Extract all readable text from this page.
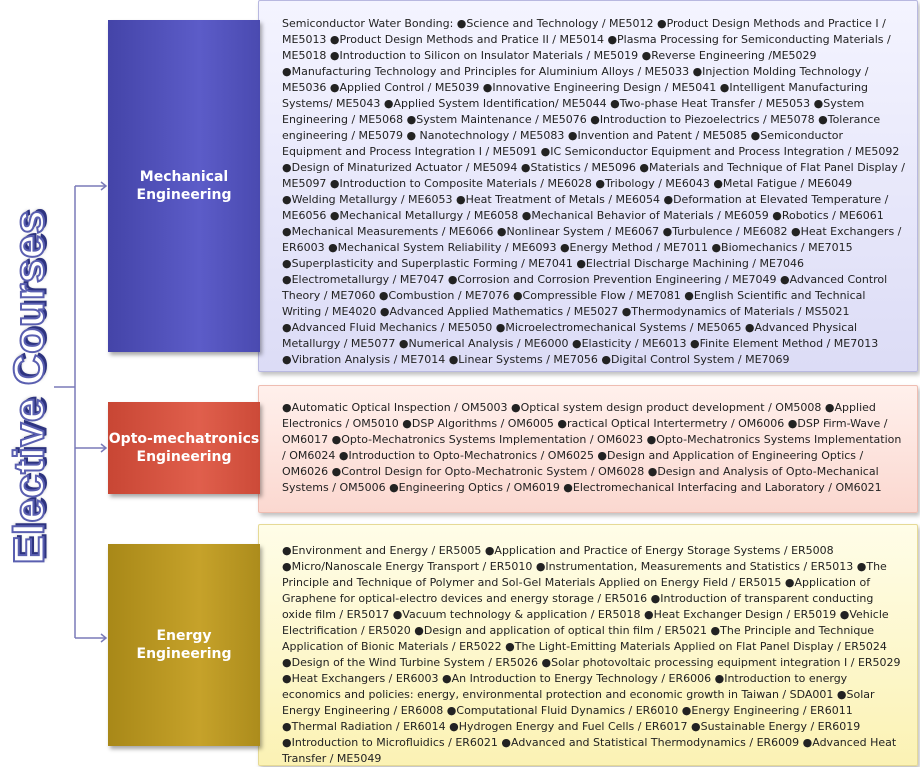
Elective Courses
Semiconductor Water Bonding: ●Science and Technology / ME5012 ●Product Design Methods and Practice I / ME5013 ●Product Design Methods and Pratice II / ME5014 ●Plasma Processing for Semiconducting Materials / ME5018 ●Introduction to Silicon on Insulator Materials / ME5019 ●Reverse Engineering /ME5029 ●Manufacturing Technology and Principles for Aluminium Alloys / ME5033 ●Injection Molding Technology / ME5036 ●Applied Control / ME5039 ●Innovative Engineering Design / ME5041 ●Intelligent Manufacturing Systems/ ME5043 ●Applied System Identification/ ME5044 ●Two-phase Heat Transfer / ME5053 ●System Engineering / ME5068 ●System Maintenance / ME5076 ●Introduction to Piezoelectrics / ME5078 ●Tolerance engineering / ME5079 ● Nanotechnology / ME5083 ●Invention and Patent / ME5085 ●Semiconductor Equipment and Process Integration I / ME5091 ●IC Semiconductor Equipment and Process Integration / ME5092 ●Design of Minaturized Actuator / ME5094 ●Statistics / ME5096 ●Materials and Technique of Flat Panel Display / ME5097 ●Introduction to Composite Materials / ME6028 ●Tribology / ME6043 ●Metal Fatigue / ME6049 ●Welding Metallurgy / ME6053 ●Heat Treatment of Metals / ME6054 ●Deformation at Elevated Temperature / ME6056 ●Mechanical Metallurgy / ME6058 ●Mechanical Behavior of Materials / ME6059 ●Robotics / ME6061 ●Mechanical Measurements / ME6066 ●Nonlinear System / ME6067 ●Turbulence / ME6082 ●Heat Exchangers / ER6003 ●Mechanical System Reliability / ME6093 ●Energy Method / ME7011 ●Biomechanics / ME7015 ●Superplasticity and Superplastic Forming / ME7041 ●Electrial Discharge Machining / ME7046 ●Electrometallurgy / ME7047 ●Corrosion and Corrosion Prevention Engineering / ME7049 ●Advanced Control Theory / ME7060 ●Combustion / ME7076 ●Compressible Flow / ME7081 ●English Scientific and Technical Writing / ME4020 ●Advanced Applied Mathematics / ME5027 ●Thermodynamics of Materials / MS5021 ●Advanced Fluid Mechanics / ME5050 ●Microelectromechanical Systems / ME5065 ●Advanced Physical Metallurgy / ME5077 ●Numerical Analysis / ME6000 ●Elasticity / ME6013 ●Finite Element Method / ME7013 ●Vibration Analysis / ME7014 ●Linear Systems / ME7056 ●Digital Control System / ME7069
Mechanical Engineering
●Automatic Optical Inspection / OM5003 ●Optical system design product development / OM5008 ●Applied Electronics / OM5010 ●DSP Algorithms / OM6005 ●ractical Optical Intertermetry / OM6006 ●DSP Firm-Wave / OM6017 ●Opto-Mechatronics Systems Implementation / OM6023 ●Opto-Mechatronics Systems Implementation / OM6024 ●Introduction to Opto-Mechatronics / OM6025 ●Design and Application of Engineering Optics / OM6026 ●Control Design for Opto-Mechatronic System / OM6028 ●Design and Analysis of Opto-Mechanical Systems / OM5006 ●Engineering Optics / OM6019 ●Electromechanical Interfacing and Laboratory / OM6021
Opto-mechatronics Engineering
●Environment and Energy / ER5005 ●Application and Practice of Energy Storage Systems / ER5008 ●Micro/Nanoscale Energy Transport / ER5010 ●Instrumentation, Measurements and Statistics / ER5013 ●The Principle and Technique of Polymer and Sol-Gel Materials Applied on Energy Field / ER5015 ●Application of Graphene for optical-electro devices and energy storage / ER5016 ●Introduction of transparent conducting oxide film / ER5017 ●Vacuum technology & application / ER5018 ●Heat Exchanger Design / ER5019 ●Vehicle Electrification / ER5020 ●Design and application of optical thin film / ER5021 ●The Principle and Technique Application of Bionic Materials / ER5022 ●The Light-Emitting Materials Applied on Flat Panel Display / ER5024 ●Design of the Wind Turbine System / ER5026 ●Solar photovoltaic processing equipment integration I / ER5029 ●Heat Exchangers / ER6003 ●An Introduction to Energy Technology / ER6006 ●Introduction to energy economics and policies: energy, environmental protection and economic growth in Taiwan / SDA001 ●Solar Energy Engineering / ER6008 ●Computational Fluid Dynamics / ER6010 ●Energy Engineering / ER6011 ●Thermal Radiation / ER6014 ●Hydrogen Energy and Fuel Cells / ER6017 ●Sustainable Energy / ER6019 ●Introduction to Microfluidics / ER6021 ●Advanced and Statistical Thermodynamics / ER6009 ●Advanced Heat Transfer / ME5049
Energy Engineering
